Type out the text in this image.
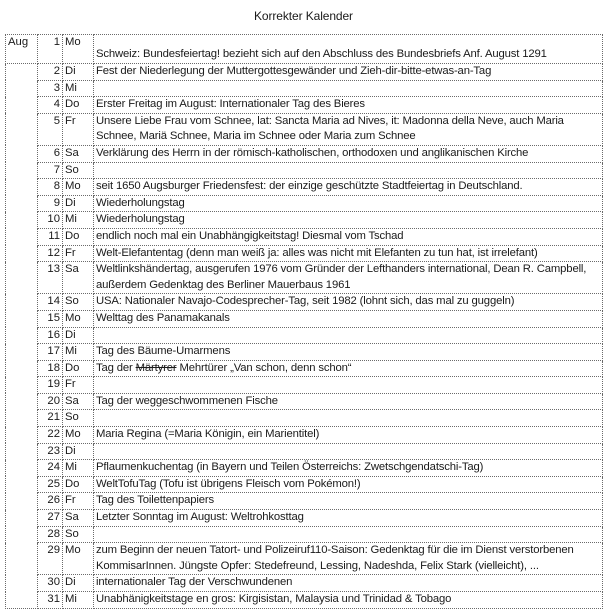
Korrekter Kalender
Aug	1	Mo	Schweiz: Bundesfeiertag! bezieht sich auf den Abschluss des Bundesbriefs Anf. August 1291
	2	Di	Fest der Niederlegung der Muttergottesgewänder und Zieh-dir-bitte-etwas-an-Tag
	3	Mi	
	4	Do	Erster Freitag im August: Internationaler Tag des Bieres
	5	Fr	Unsere Liebe Frau vom Schnee, lat: Sancta Maria ad Nives, it: Madonna della Neve, auch Maria Schnee, Mariä Schnee, Maria im Schnee oder Maria zum Schnee
	6	Sa	Verklärung des Herrn in der römisch-katholischen, orthodoxen und anglikanischen Kirche
	7	So	
	8	Mo	seit 1650 Augsburger Friedensfest: der einzige geschützte Stadtfeiertag in Deutschland.
	9	Di	Wiederholungstag
	10	Mi	Wiederholungstag
	11	Do	endlich noch mal ein Unabhängigkeitstag! Diesmal vom Tschad
	12	Fr	Welt-Elefantentag (denn man weiß ja: alles was nicht mit Elefanten zu tun hat, ist irrelefant)
	13	Sa	Weltlinkshändertag, ausgerufen 1976 vom Gründer der Lefthanders international, Dean R. Campbell, außerdem Gedenktag des Berliner Mauerbaus 1961
	14	So	USA: Nationaler Navajo-Codesprecher-Tag, seit 1982 (lohnt sich, das mal zu guggeln)
	15	Mo	Welttag des Panamakanals
	16	Di	
	17	Mi	Tag des Bäume-Umarmens
	18	Do	Tag der Märtyrer Mehrtürer „Van schon, denn schon“
	19	Fr	
	20	Sa	Tag der weggeschwommenen Fische
	21	So	
	22	Mo	Maria Regina (=Maria Königin, ein Marientitel)
	23	Di	
	24	Mi	Pflaumenkuchentag (in Bayern und Teilen Österreichs: Zwetschgendatschi-Tag)
	25	Do	WeltTofuTag (Tofu ist übrigens Fleisch vom Pokémon!)
	26	Fr	Tag des Toilettenpapiers
	27	Sa	Letzter Sonntag im August: Weltrohkosttag
	28	So	
	29	Mo	zum Beginn der neuen Tatort- und Polizeiruf110-Saison: Gedenktag für die im Dienst verstorbenen KommisarInnen. Jüngste Opfer: Stedefreund, Lessing, Nadeshda, Felix Stark (vielleicht), ...
	30	Di	internationaler Tag der Verschwundenen
	31	Mi	Unabhänigkeitstage en gros: Kirgisistan, Malaysia und Trinidad & Tobago
